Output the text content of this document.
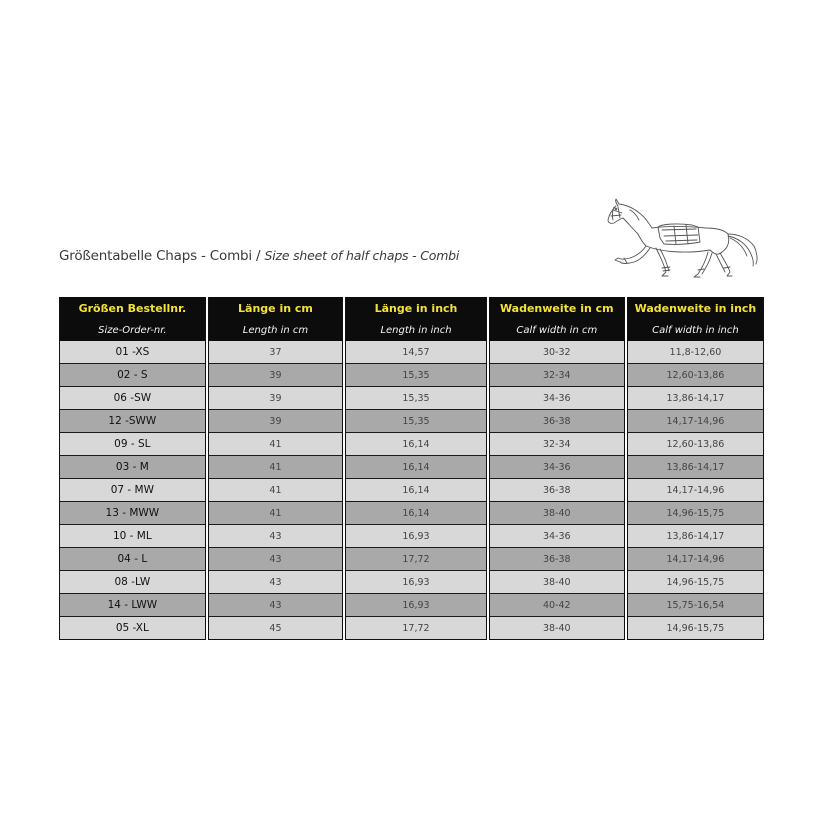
Größentabelle Chaps - Combi / Size sheet of half chaps - Combi
Größen Bestellnr.	Länge in cm	Länge in inch	Wadenweite in cm	Wadenweite in inch
Size-Order-nr.	Length in cm	Length in inch	Calf width in cm	Calf width in inch
01 -XS	37	14,57	30-32	11,8-12,60
02 - S	39	15,35	32-34	12,60-13,86
06 -SW	39	15,35	34-36	13,86-14,17
12 -SWW	39	15,35	36-38	14,17-14,96
09 - SL	41	16,14	32-34	12,60-13,86
03 - M	41	16,14	34-36	13,86-14,17
07 - MW	41	16,14	36-38	14,17-14,96
13 - MWW	41	16,14	38-40	14,96-15,75
10 - ML	43	16,93	34-36	13,86-14,17
04 - L	43	17,72	36-38	14,17-14,96
08 -LW	43	16,93	38-40	14,96-15,75
14 - LWW	43	16,93	40-42	15,75-16,54
05 -XL	45	17,72	38-40	14,96-15,75
